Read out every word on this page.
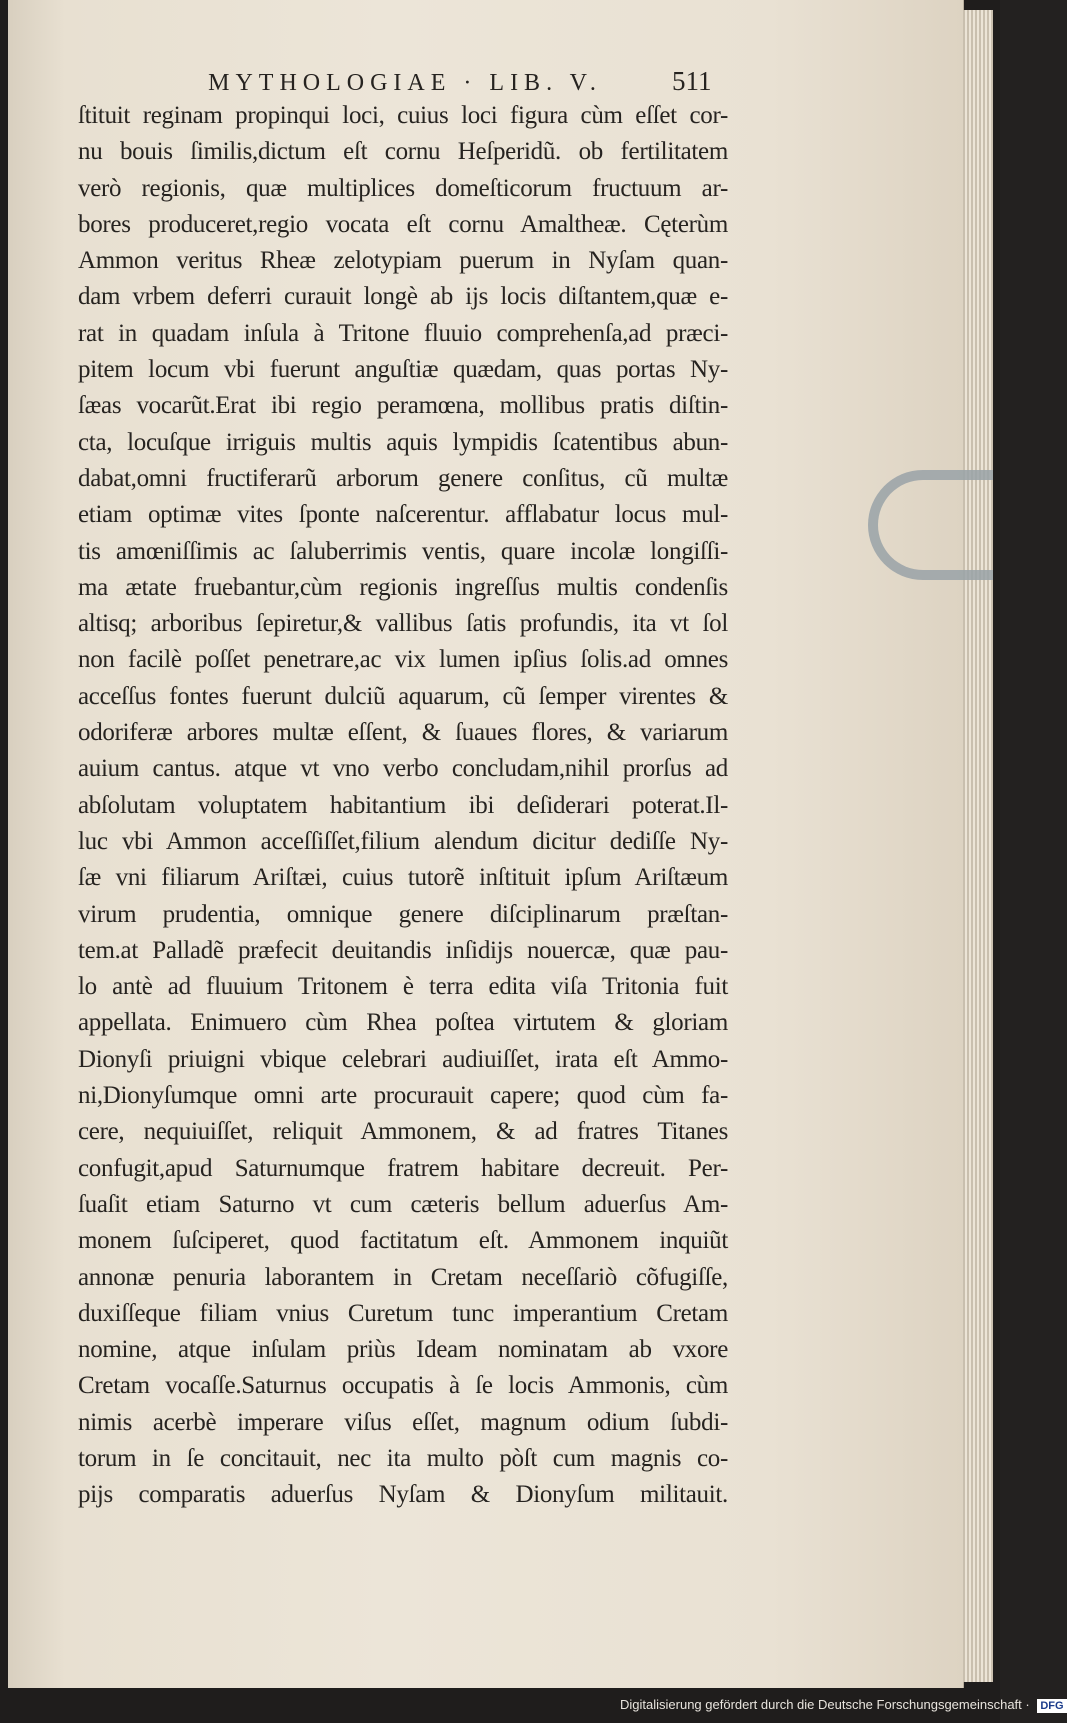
MYTHOLOGIAE · LIB. V.	511
ſtituit reginam propinqui loci, cuius loci figura cùm eſſet cor-
nu bouis ſimilis,dictum eſt cornu Heſperidũ. ob fertilitatem
verò regionis, quæ multiplices domeſticorum fructuum ar-
bores produceret,regio vocata eſt cornu Amaltheæ. Cęterùm
Ammon veritus Rheæ zelotypiam puerum in Nyſam quan-
dam vrbem deferri curauit longè ab ijs locis diſtantem,quæ e-
rat in quadam inſula à Tritone fluuio comprehenſa,ad præci-
pitem locum vbi fuerunt anguſtiæ quædam, quas portas Ny-
ſæas vocarũt.Erat ibi regio peramœna, mollibus pratis diſtin-
cta, locuſque irriguis multis aquis lympidis ſcatentibus abun-
dabat,omni fructiferarũ arborum genere conſitus, cũ multæ
etiam optimæ vites ſponte naſcerentur. afflabatur locus mul-
tis amœniſſimis ac ſaluberrimis ventis, quare incolæ longiſſi-
ma ætate fruebantur,cùm regionis ingreſſus multis condenſis
altisq; arboribus ſepiretur,& vallibus ſatis profundis, ita vt ſol
non facilè poſſet penetrare,ac vix lumen ipſius ſolis.ad omnes
acceſſus fontes fuerunt dulciũ aquarum, cũ ſemper virentes &
odoriferæ arbores multæ eſſent, & ſuaues flores, & variarum
auium cantus. atque vt vno verbo concludam,nihil prorſus ad
abſolutam voluptatem habitantium ibi deſiderari poterat.Il-
luc vbi Ammon acceſſiſſet,filium alendum dicitur dediſſe Ny-
ſæ vni filiarum Ariſtæi, cuius tutorẽ inſtituit ipſum Ariſtæum
virum prudentia, omnique genere diſciplinarum præſtan-
tem.at Palladẽ præfecit deuitandis inſidijs nouercæ, quæ pau-
lo antè ad fluuium Tritonem è terra edita viſa Tritonia fuit
appellata. Enimuero cùm Rhea poſtea virtutem & gloriam
Dionyſi priuigni vbique celebrari audiuiſſet, irata eſt Ammo-
ni,Dionyſumque omni arte procurauit capere; quod cùm fa-
cere, nequiuiſſet, reliquit Ammonem, & ad fratres Titanes
confugit,apud Saturnumque fratrem habitare decreuit. Per-
ſuaſit etiam Saturno vt cum cæteris bellum aduerſus Am-
monem ſuſciperet, quod factitatum eſt. Ammonem inquiũt
annonæ penuria laborantem in Cretam neceſſariò cõfugiſſe,
duxiſſeque filiam vnius Curetum tunc imperantium Cretam
nomine, atque inſulam priùs Ideam nominatam ab vxore
Cretam vocaſſe.Saturnus occupatis à ſe locis Ammonis, cùm
nimis acerbè imperare viſus eſſet, magnum odium ſubdi-
torum in ſe concitauit, nec ita multo pòſt cum magnis co-
pijs comparatis aduerſus Nyſam & Dionyſum militauit.
Digitalisierung gefördert durch die Deutsche Forschungsgemeinschaft · DFG
